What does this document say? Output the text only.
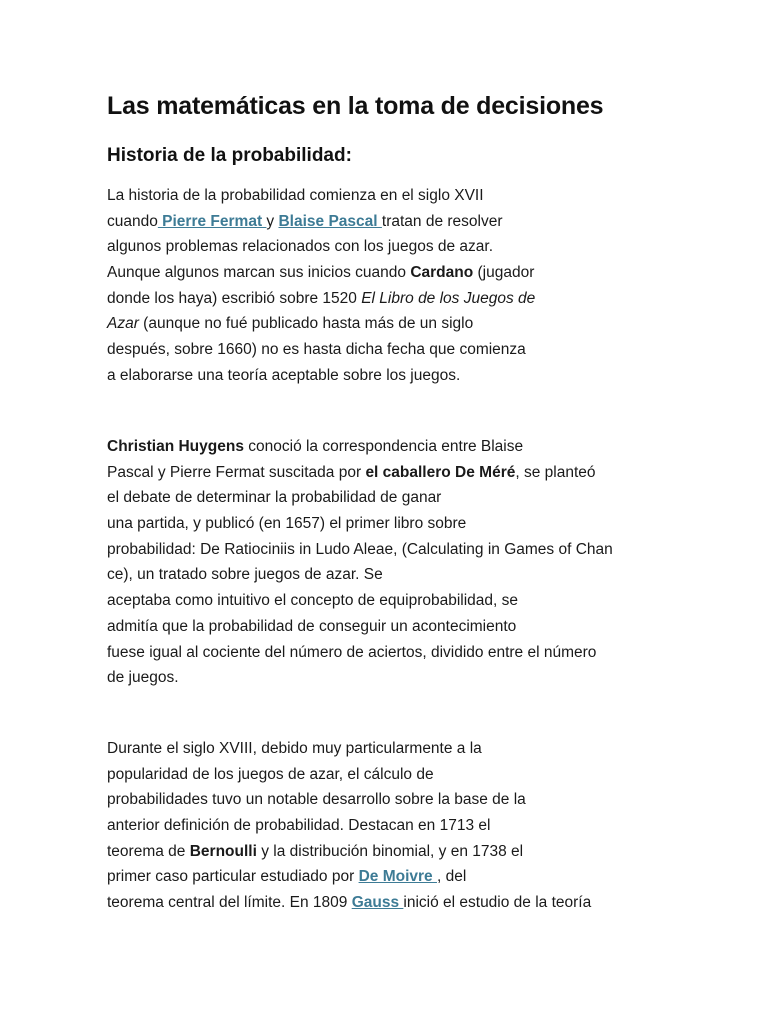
Las matemáticas en la toma de decisiones
Historia de la probabilidad:
La historia de la probabilidad comienza en el siglo XVII
cuando Pierre Fermat y Blaise Pascal tratan de resolver
algunos problemas relacionados con los juegos de azar.
Aunque algunos marcan sus inicios cuando Cardano (jugador
donde los haya) escribió sobre 1520 El Libro de los Juegos de
Azar (aunque no fué publicado hasta más de un siglo
después, sobre 1660) no es hasta dicha fecha que comienza
a elaborarse una teoría aceptable sobre los juegos.
Christian Huygens conoció la correspondencia entre Blaise
Pascal y Pierre Fermat suscitada por el caballero De Méré, se planteó
el debate de determinar la probabilidad de ganar
una partida, y publicó (en 1657) el primer libro sobre
probabilidad: De Ratiociniis in Ludo Aleae, (Calculating in Games of Chan
ce), un tratado sobre juegos de azar. Se
aceptaba como intuitivo el concepto de equiprobabilidad, se
admitía que la probabilidad de conseguir un acontecimiento
fuese igual al cociente del número de aciertos, dividido entre el número
de juegos.
Durante el siglo XVIII, debido muy particularmente a la
popularidad de los juegos de azar, el cálculo de
probabilidades tuvo un notable desarrollo sobre la base de la
anterior definición de probabilidad. Destacan en 1713 el
teorema de Bernoulli y la distribución binomial, y en 1738 el
primer caso particular estudiado por De Moivre , del
teorema central del límite. En 1809 Gauss inició el estudio de la teoría
